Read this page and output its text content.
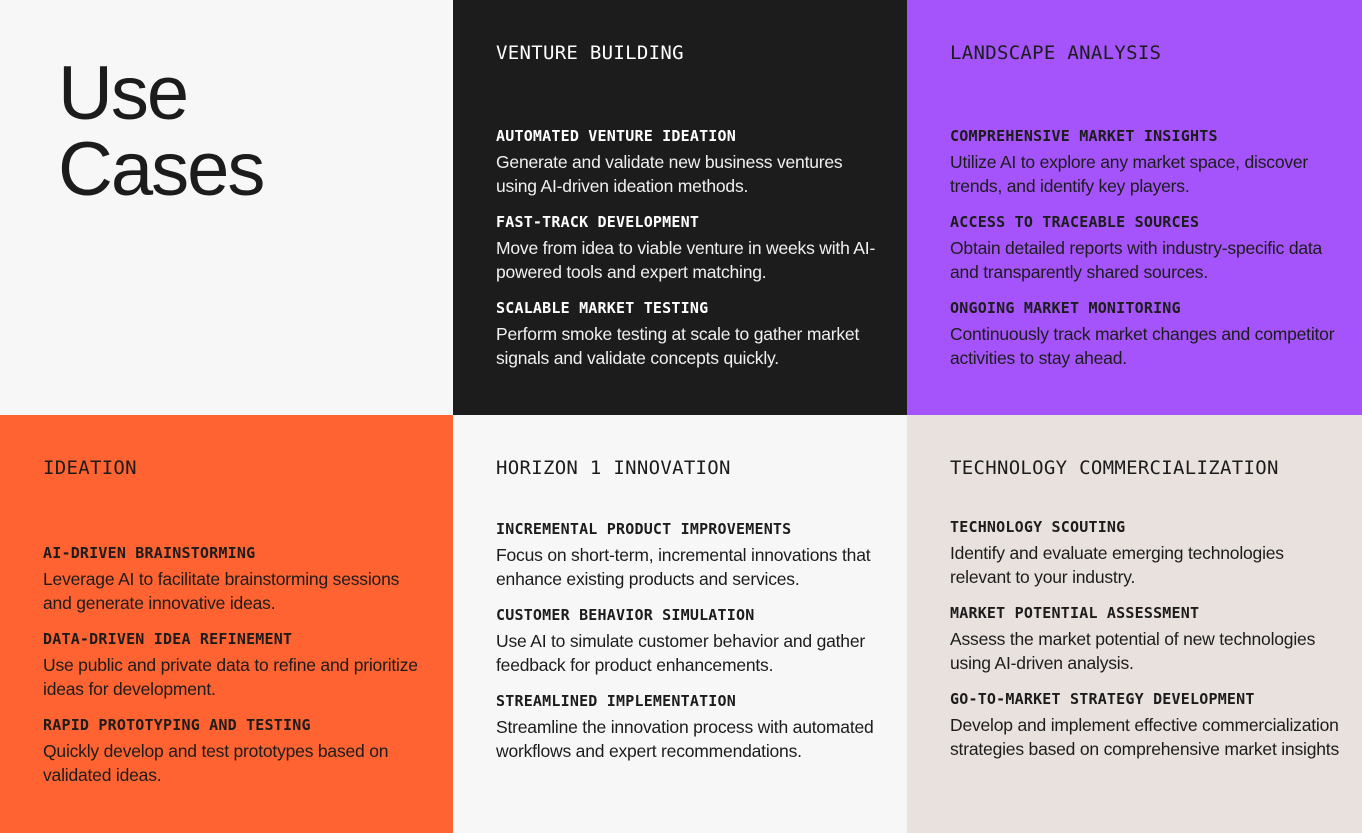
Use
Cases
VENTURE BUILDING
AUTOMATED VENTURE IDEATION
Generate and validate new business ventures using AI-driven ideation methods.
FAST-TRACK DEVELOPMENT
Move from idea to viable venture in weeks with AI-powered tools and expert matching.
SCALABLE MARKET TESTING
Perform smoke testing at scale to gather market signals and validate concepts quickly.
LANDSCAPE ANALYSIS
COMPREHENSIVE MARKET INSIGHTS
Utilize AI to explore any market space, discover trends, and identify key players.
ACCESS TO TRACEABLE SOURCES
Obtain detailed reports with industry-specific data and transparently shared sources.
ONGOING MARKET MONITORING
Continuously track market changes and competitor activities to stay ahead.
IDEATION
AI-DRIVEN BRAINSTORMING
Leverage AI to facilitate brainstorming sessions and generate innovative ideas.
DATA-DRIVEN IDEA REFINEMENT
Use public and private data to refine and prioritize ideas for development.
RAPID PROTOTYPING AND TESTING
Quickly develop and test prototypes based on validated ideas.
HORIZON 1 INNOVATION
INCREMENTAL PRODUCT IMPROVEMENTS
Focus on short-term, incremental innovations that enhance existing products and services.
CUSTOMER BEHAVIOR SIMULATION
Use AI to simulate customer behavior and gather feedback for product enhancements.
STREAMLINED IMPLEMENTATION
Streamline the innovation process with automated workflows and expert recommendations.
TECHNOLOGY COMMERCIALIZATION
TECHNOLOGY SCOUTING
Identify and evaluate emerging technologies relevant to your industry.
MARKET POTENTIAL ASSESSMENT
Assess the market potential of new technologies using AI-driven analysis.
GO-TO-MARKET STRATEGY DEVELOPMENT
Develop and implement effective commercialization strategies based on comprehensive market insights
